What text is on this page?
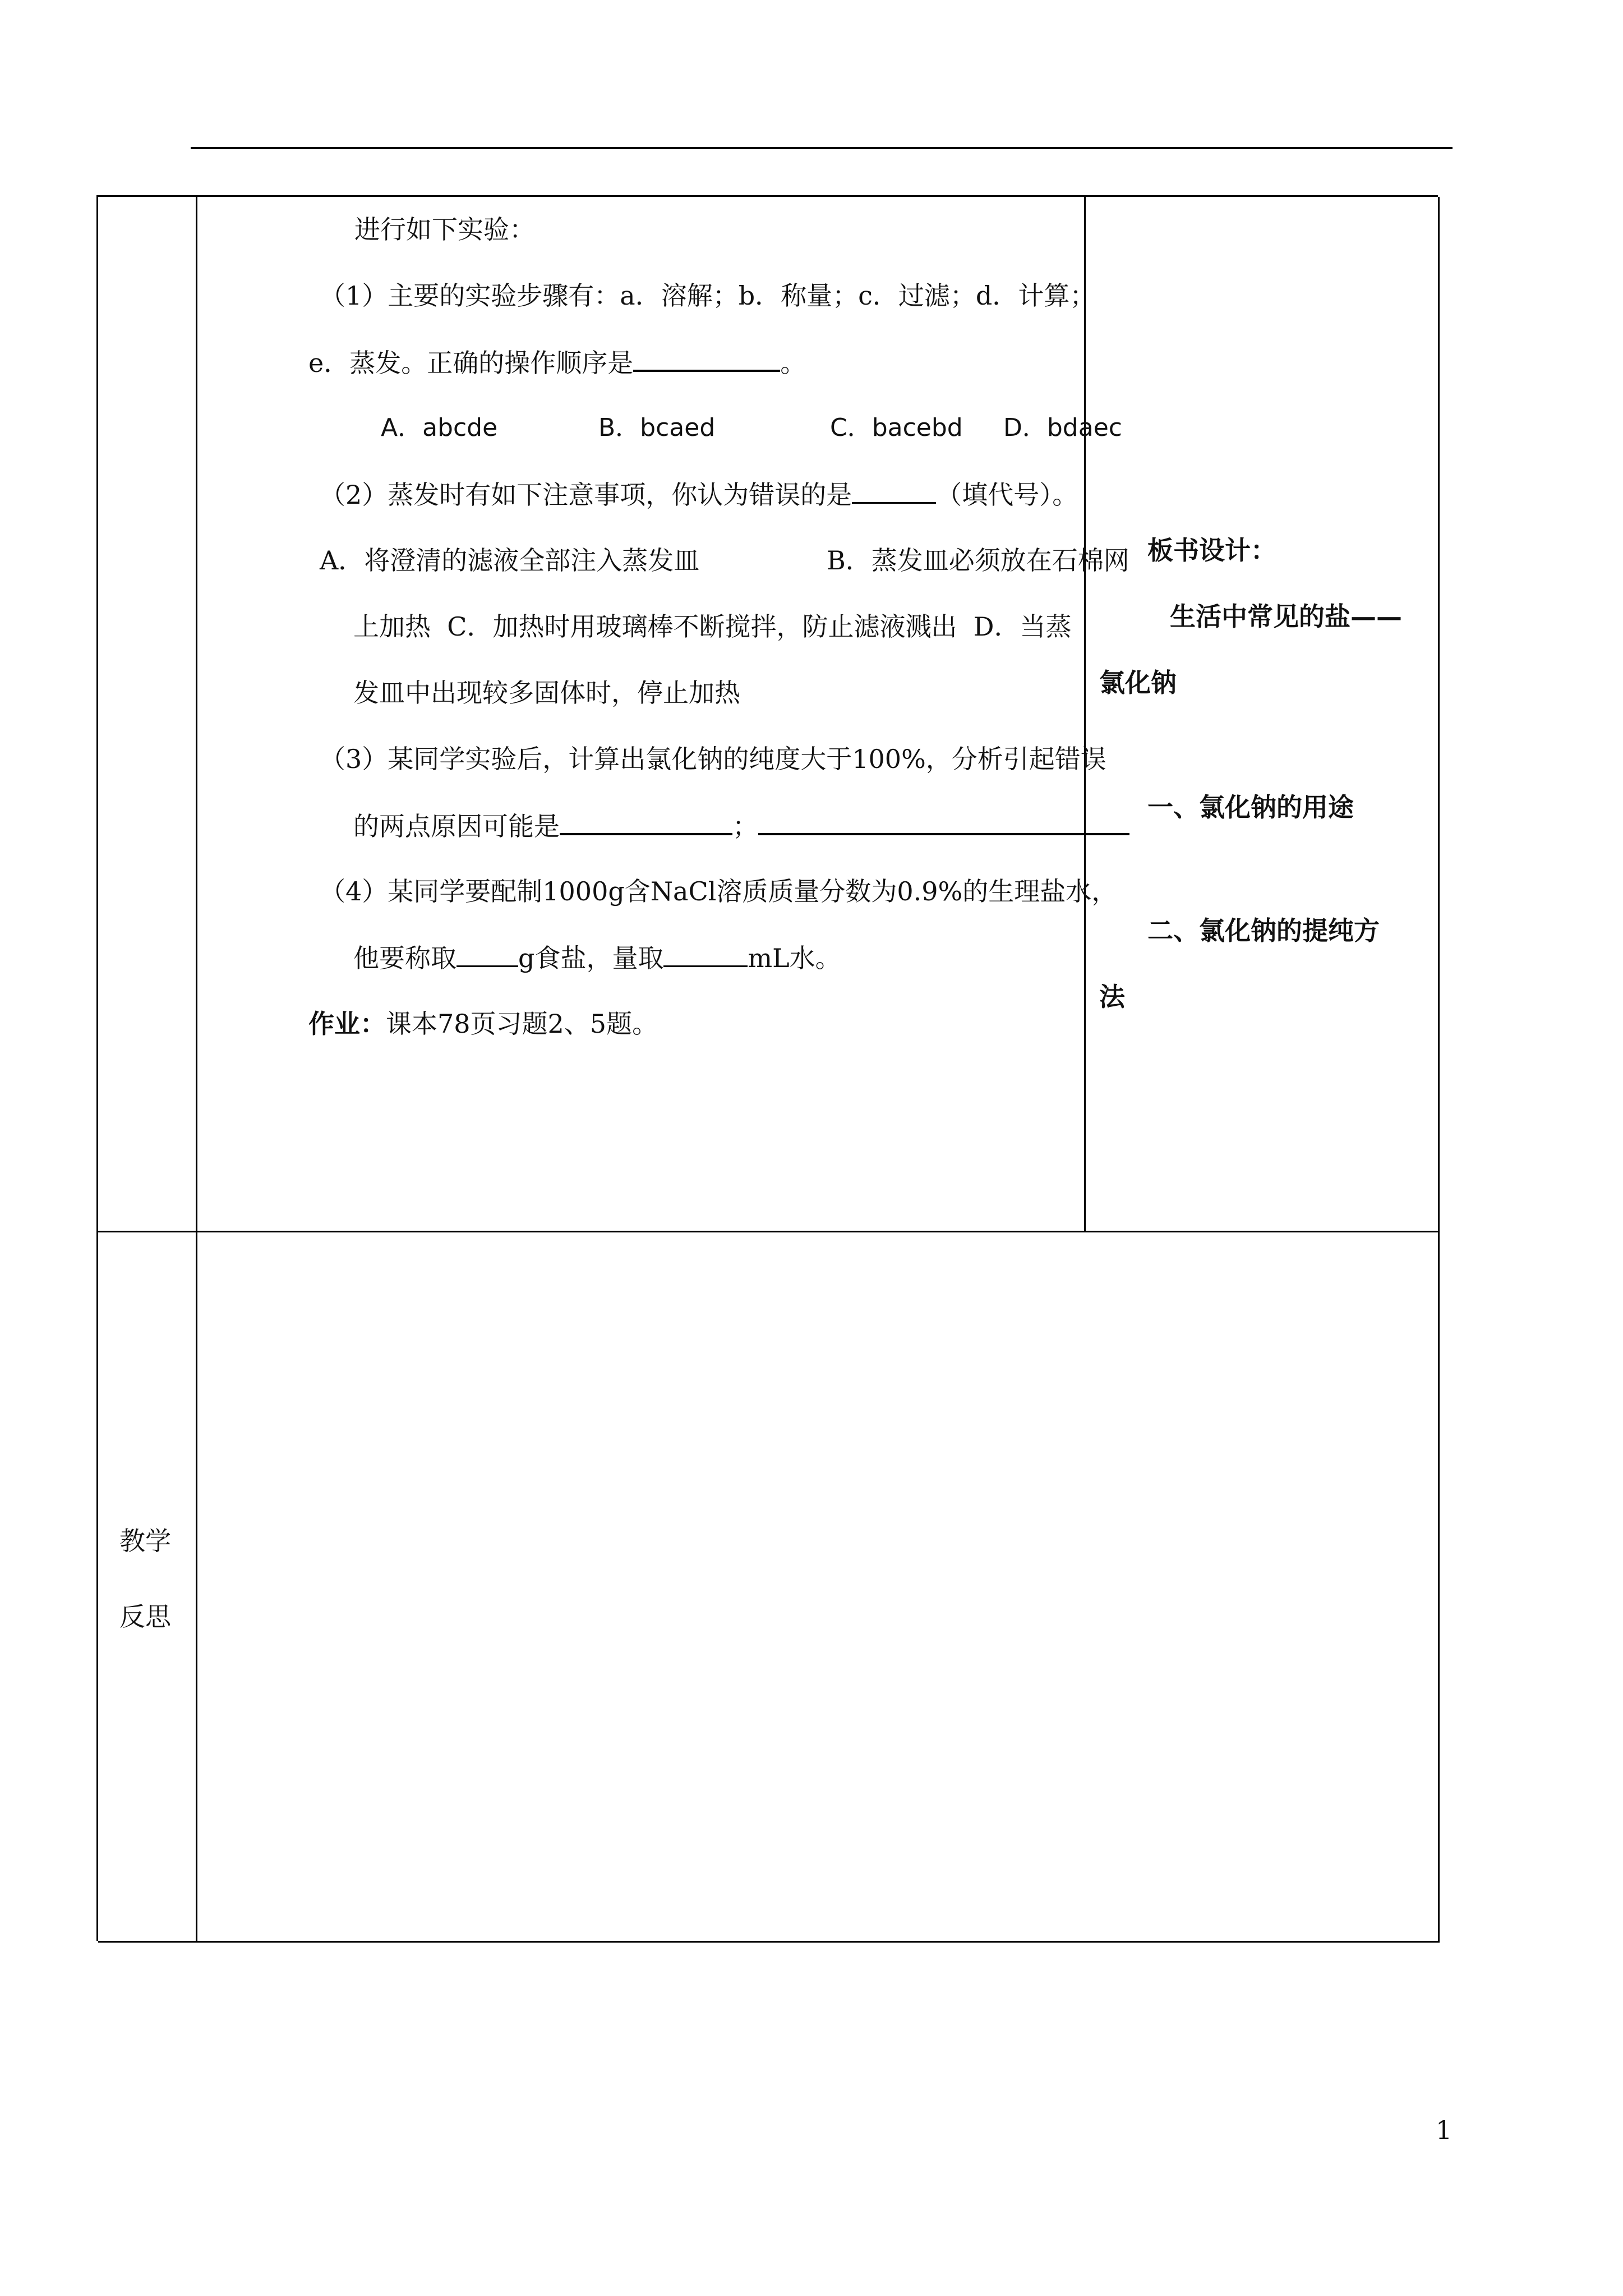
进行如下实验：
（1）主要的实验步骤有：a．溶解；b．称量；c．过滤；d．计算；
e．蒸发。正确的操作顺序是	。
A．abcde	B．bcaed	C．bacebd D．bdaec
（2）蒸发时有如下注意事项，你认为错误的是	（填代号）。
A．将澄清的滤液全部注入蒸发皿	B．蒸发皿必须放在石棉网
上加热  C．加热时用玻璃棒不断搅拌，防止滤液溅出  D．当蒸
发皿中出现较多固体时，停止加热
（3）某同学实验后，计算出氯化钠的纯度大于100%，分析引起错误
的两点原因可能是	；
（4）某同学要配制1000g含NaCl溶质质量分数为0.9%的生理盐水，
他要称取 g食盐，量取	mL水。
作业：课本78页习题2、5题。
板书设计：
生活中常见的盐——
氯化钠
一、氯化钠的用途
二、氯化钠的提纯方
法
教学
反思
1
